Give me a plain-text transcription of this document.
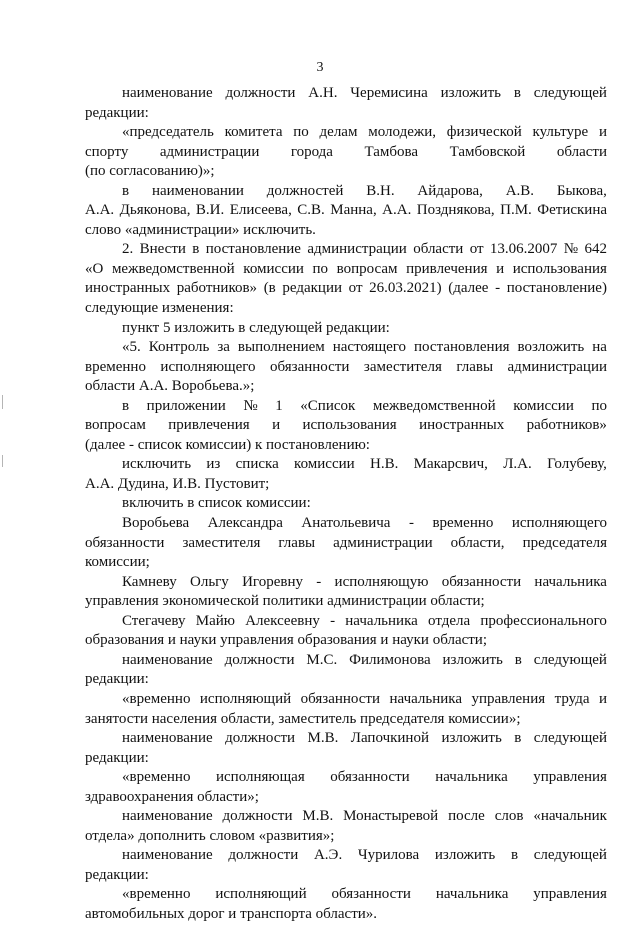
3
наименование должности А.Н. Черемисина изложить в следующей
редакции:
«председатель комитета по делам молодежи, физической культуре и
спорту администрации города Тамбова Тамбовской области
(по согласованию)»;
в наименовании должностей В.Н. Айдарова, А.В. Быкова,
А.А. Дьяконова, В.И. Елисеева, С.В. Манна, А.А. Позднякова, П.М. Фетискина
слово «администрации» исключить.
2. Внести в постановление администрации области от 13.06.2007 № 642
«О межведомственной комиссии по вопросам привлечения и использования
иностранных работников» (в редакции от 26.03.2021) (далее - постановление)
следующие изменения:
пункт 5 изложить в следующей редакции:
«5. Контроль за выполнением настоящего постановления возложить на
временно исполняющего обязанности заместителя главы администрации
области А.А. Воробьева.»;
в приложении № 1 «Список межведомственной комиссии по
вопросам привлечения и использования иностранных работников»
(далее - список комиссии) к постановлению:
исключить из списка комиссии Н.В. Макарсвич, Л.А. Голубеву,
А.А. Дудина, И.В. Пустовит;
включить в список комиссии:
Воробьева Александра Анатольевича - временно исполняющего
обязанности заместителя главы администрации области, председателя
комиссии;
Камневу Ольгу Игоревну - исполняющую обязанности начальника
управления экономической политики администрации области;
Стегачеву Майю Алексеевну - начальника отдела профессионального
образования и науки управления образования и науки области;
наименование должности М.С. Филимонова изложить в следующей
редакции:
«временно исполняющий обязанности начальника управления труда и
занятости населения области, заместитель председателя комиссии»;
наименование должности М.В. Лапочкиной изложить в следующей
редакции:
«временно исполняющая обязанности начальника управления
здравоохранения области»;
наименование должности М.В. Монастыревой после слов «начальник
отдела» дополнить словом «развития»;
наименование должности А.Э. Чурилова изложить в следующей
редакции:
«временно исполняющий обязанности начальника управления
автомобильных дорог и транспорта области».
